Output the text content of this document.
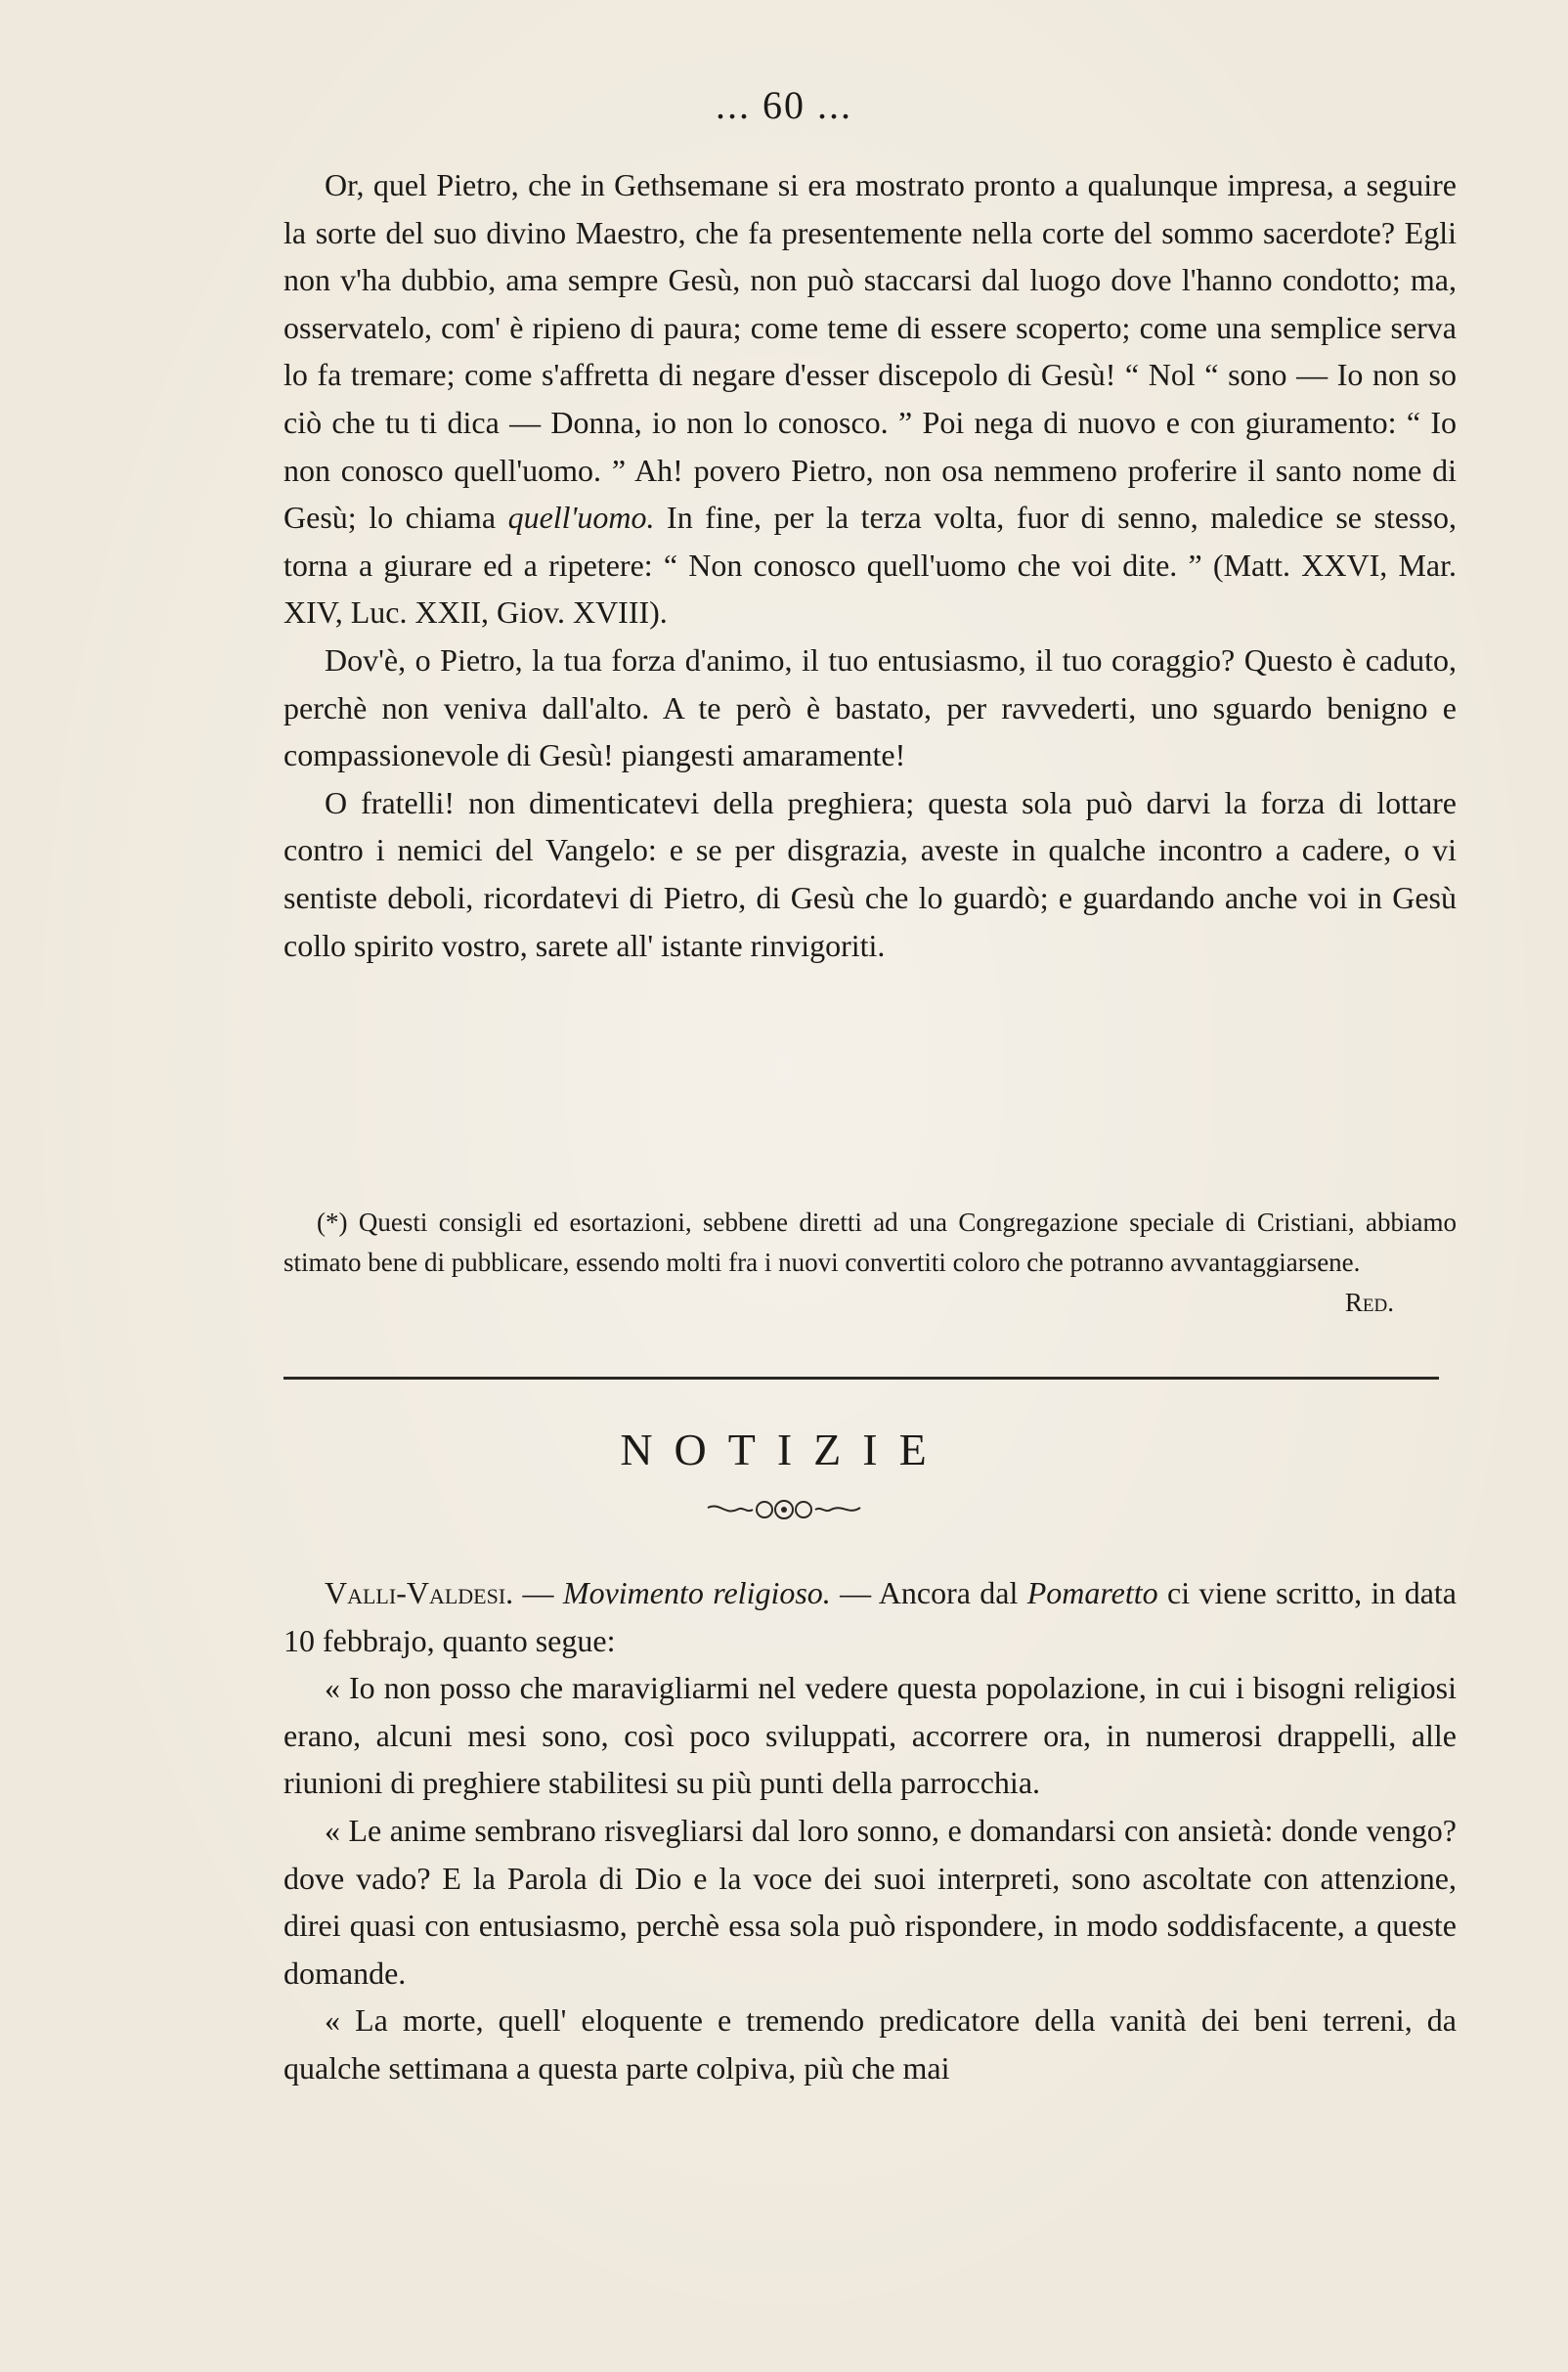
... 60 ...

Or, quel Pietro, che in Gethsemane si era mostrato pronto a qualunque impresa, a seguire la sorte del suo divino Maestro, che fa presentemente nella corte del sommo sacerdote? Egli non v'ha dubbio, ama sempre Gesù, non può staccarsi dal luogo dove l'hanno condotto; ma, osservatelo, com' è ripieno di paura; come teme di essere scoperto; come una semplice serva lo fa tremare; come s'affretta di negare d'esser discepolo di Gesù! “ Nol “ sono — Io non so ciò che tu ti dica — Donna, io non lo conosco. ” Poi nega di nuovo e con giuramento: “ Io non conosco quell'uomo. ” Ah! povero Pietro, non osa nemmeno proferire il santo nome di Gesù; lo chiama quell'uomo. In fine, per la terza volta, fuor di senno, maledice se stesso, torna a giurare ed a ripetere: “ Non conosco quell'uomo che voi dite. ” (Matt. XXVI, Mar. XIV, Luc. XXII, Giov. XVIII).

Dov'è, o Pietro, la tua forza d'animo, il tuo entusiasmo, il tuo coraggio? Questo è caduto, perchè non veniva dall'alto. A te però è bastato, per ravvederti, uno sguardo benigno e compassionevole di Gesù! piangesti amaramente!

O fratelli! non dimenticatevi della preghiera; questa sola può darvi la forza di lottare contro i nemici del Vangelo: e se per disgrazia, aveste in qualche incontro a cadere, o vi sentiste deboli, ricordatevi di Pietro, di Gesù che lo guardò; e guardando anche voi in Gesù collo spirito vostro, sarete all' istante rinvigoriti.

(*) Questi consigli ed esortazioni, sebbene diretti ad una Congregazione speciale di Cristiani, abbiamo stimato bene di pubblicare, essendo molti fra i nuovi convertiti coloro che potranno avvantaggiarsene.
Red.

NOTIZIE

Valli-Valdesi. — Movimento religioso. — Ancora dal Pomaretto ci viene scritto, in data 10 febbrajo, quanto segue:

« Io non posso che maravigliarmi nel vedere questa popolazione, in cui i bisogni religiosi erano, alcuni mesi sono, così poco sviluppati, accorrere ora, in numerosi drappelli, alle riunioni di preghiere stabilitesi su più punti della parrocchia.

« Le anime sembrano risvegliarsi dal loro sonno, e domandarsi con ansietà: donde vengo? dove vado? E la Parola di Dio e la voce dei suoi interpreti, sono ascoltate con attenzione, direi quasi con entusiasmo, perchè essa sola può rispondere, in modo soddisfacente, a queste domande.

« La morte, quell' eloquente e tremendo predicatore della vanità dei beni terreni, da qualche settimana a questa parte colpiva, più che mai
